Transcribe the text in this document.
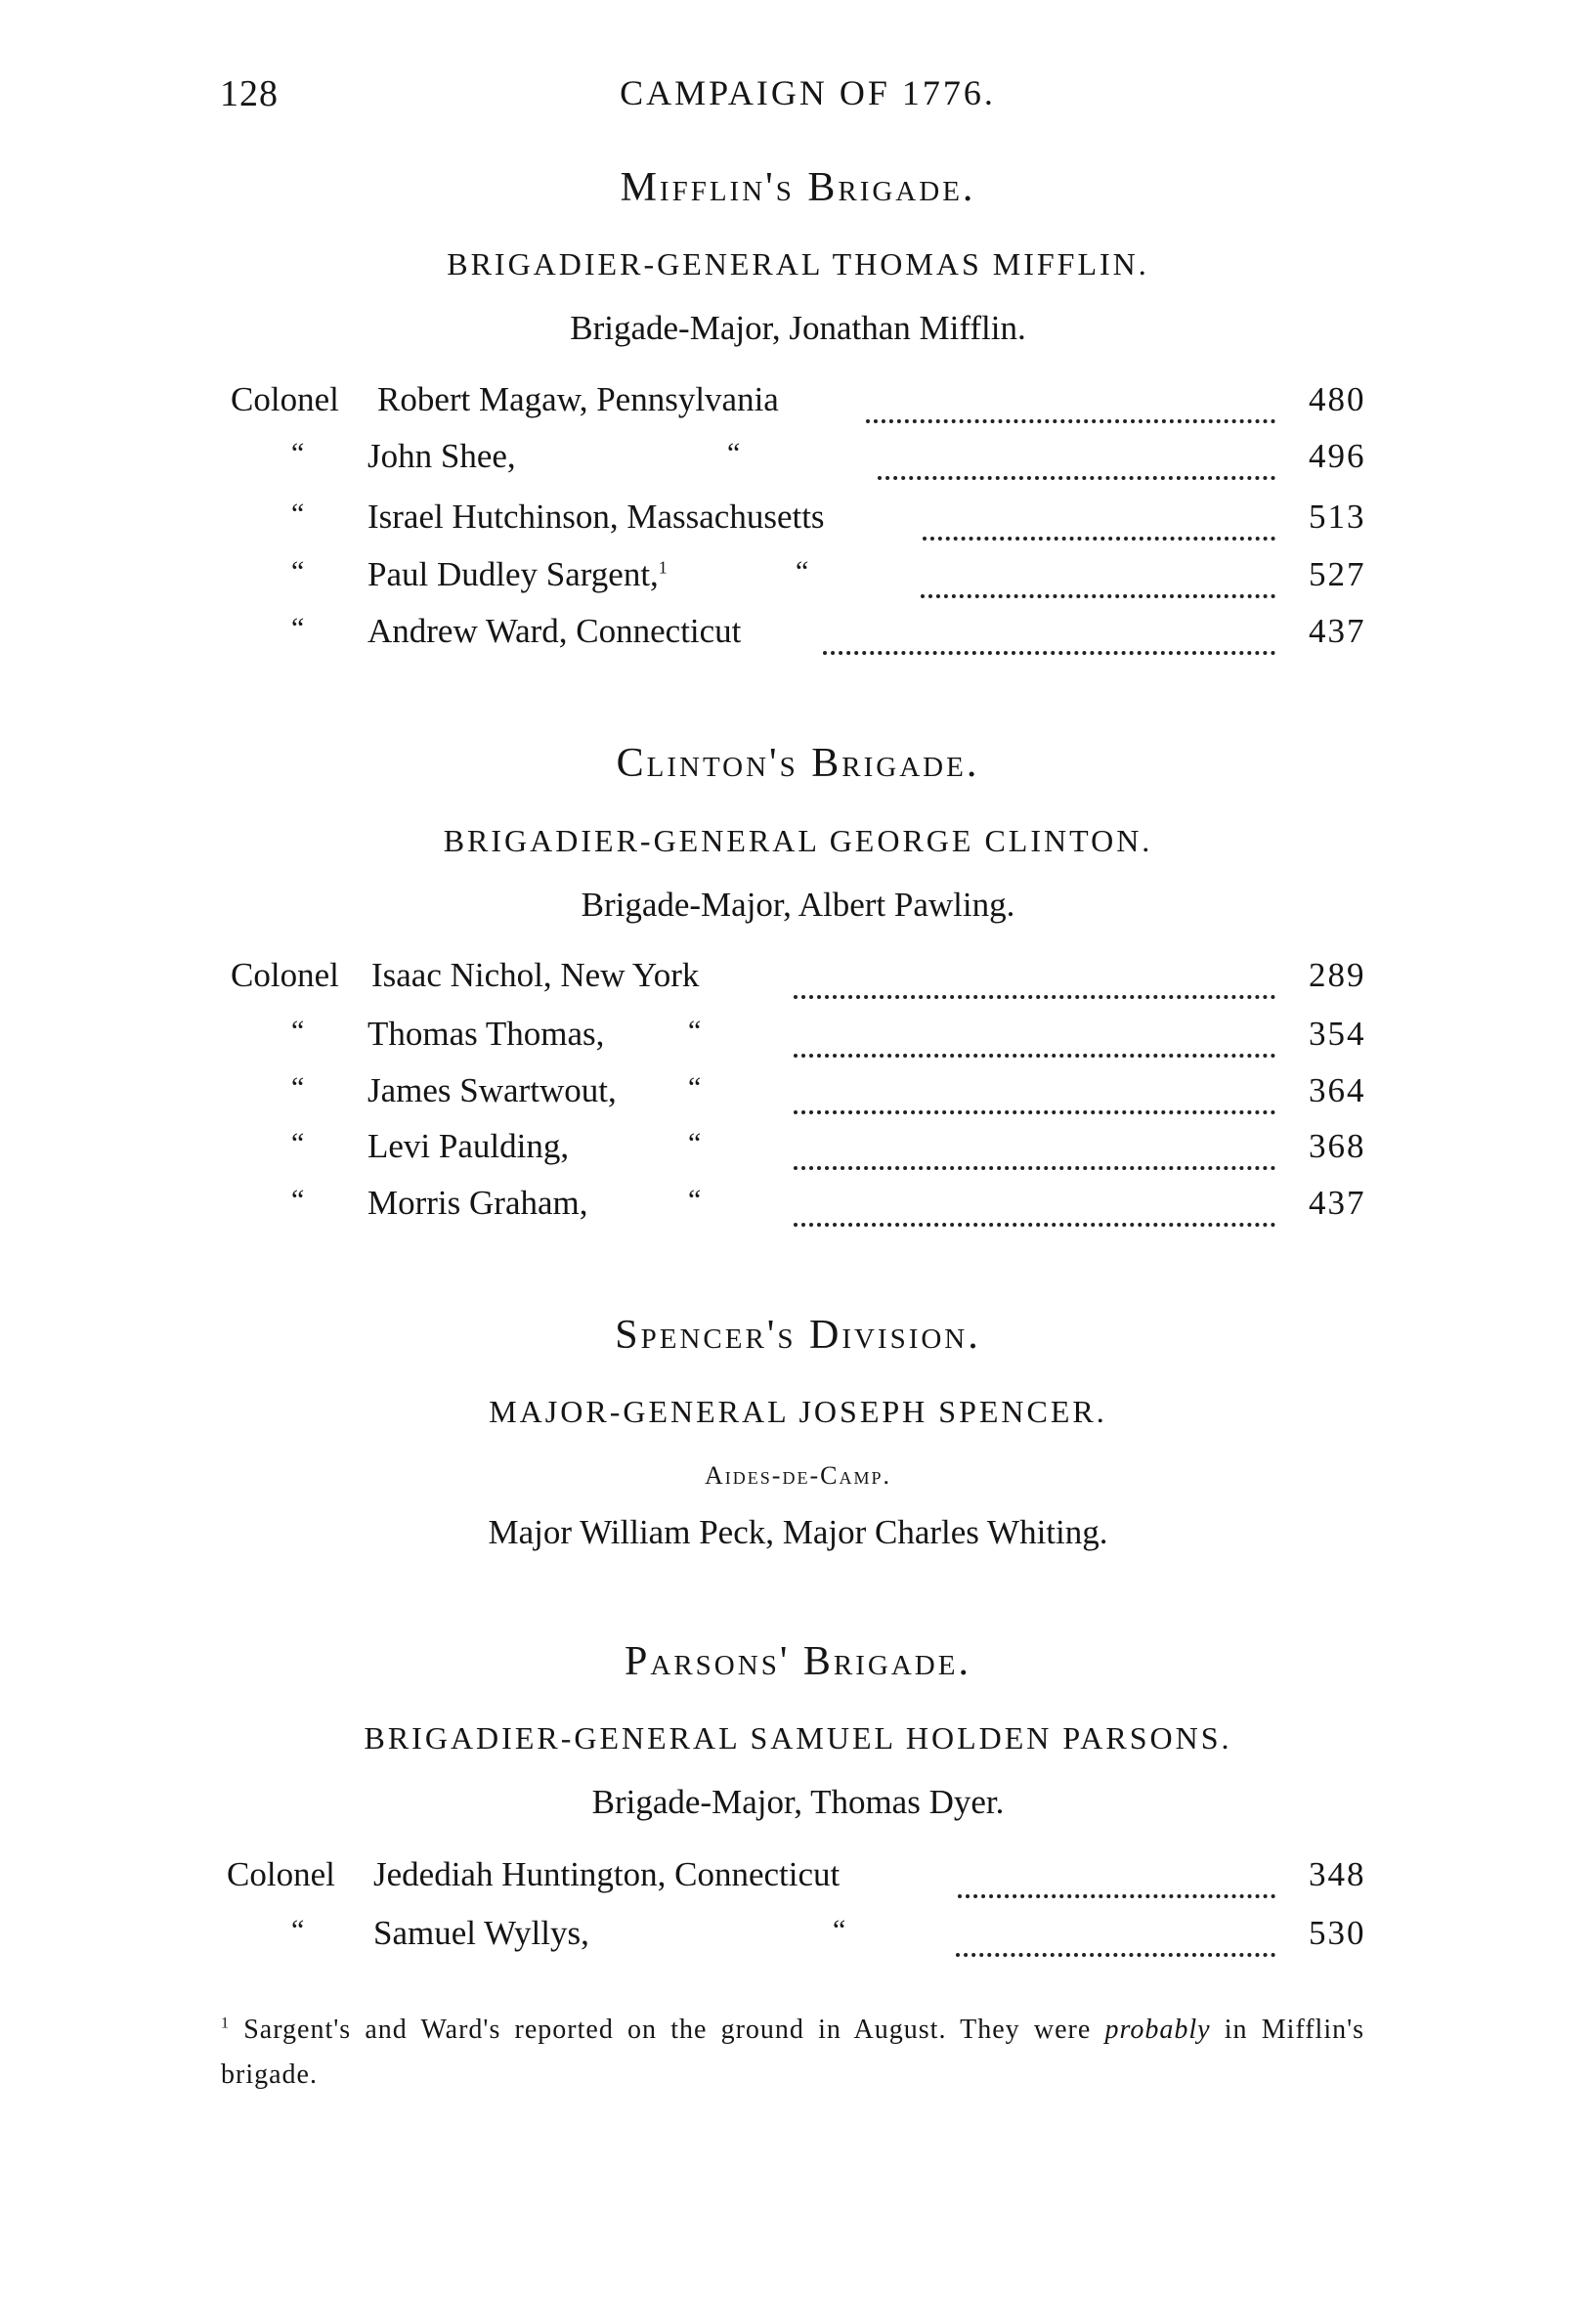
128	CAMPAIGN OF 1776.
Mifflin's Brigade.
BRIGADIER-GENERAL THOMAS MIFFLIN.
Brigade-Major, Jonathan Mifflin.
Colonel Robert Magaw, Pennsylvania	480
“ John Shee,	“	496
“ Israel Hutchinson, Massachusetts	513
“ Paul Dudley Sargent,$^1$	“	527
“ Andrew Ward, Connecticut	437
Clinton's Brigade.
BRIGADIER-GENERAL GEORGE CLINTON.
Brigade-Major, Albert Pawling.
Colonel Isaac Nichol, New York	289
“ Thomas Thomas,	“	354
“ James Swartwout, “	364
“ Levi Paulding,	“	368
“ Morris Graham,	“	437
Spencer's Division.
MAJOR-GENERAL JOSEPH SPENCER.
Aides-de-Camp.
Major William Peck, Major Charles Whiting.
Parsons' Brigade.
BRIGADIER-GENERAL SAMUEL HOLDEN PARSONS.
Brigade-Major, Thomas Dyer.
Colonel Jedediah Huntington, Connecticut	348
“ Samuel Wyllys,	“	530
$^1$ Sargent's and Ward's reported on the ground in August. They were probably in Mifflin's brigade.
